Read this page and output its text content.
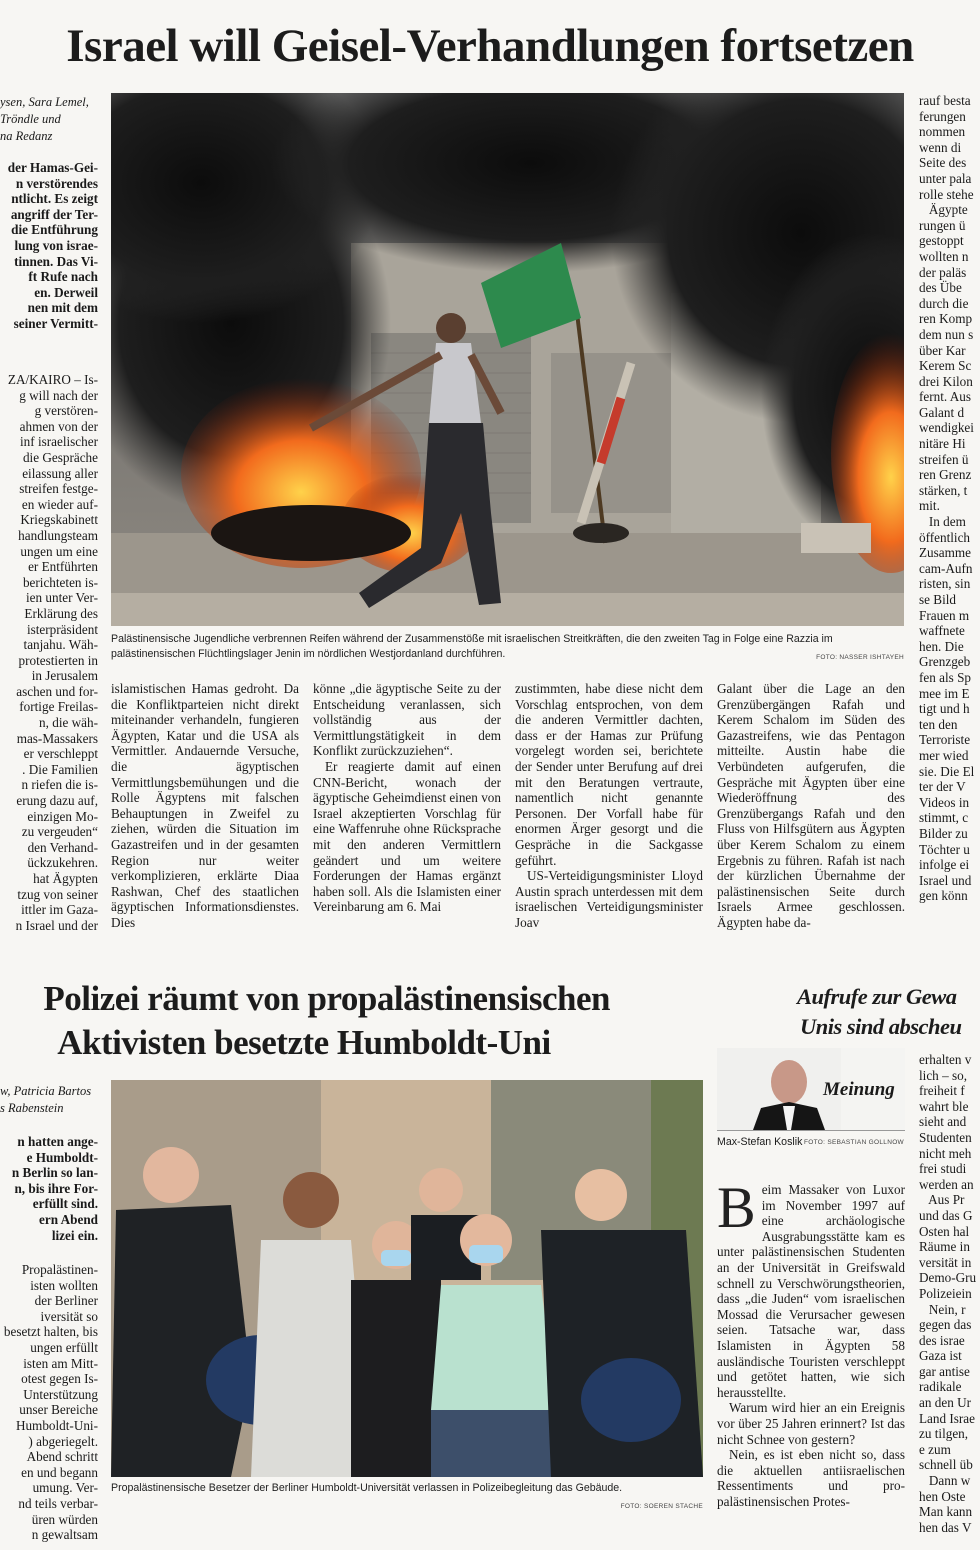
Israel will Geisel-Verhandlungen fortsetzen
ysen, Sara Lemel,
Tröndle und
na Redanz
der Hamas-Gei-
n verstörendes
ntlicht. Es zeigt
angriff der Ter-
die Entführung
lung von israe-
tinnen. Das Vi-
ft Rufe nach
en. Derweil
nen mit dem
seiner Vermitt-
ZA/KAIRO – Is-
g will nach der
g verstören-
ahmen von der
inf israelischer
die Gespräche
eilassung aller
streifen festge-
en wieder auf-
Kriegskabinett
handlungsteam
ungen um eine
er Entführten
berichteten is-
ien unter Ver-
Erklärung des
isterpräsident
tanjahu. Wäh-
protestierten in
in Jerusalem
aschen und for-
fortige Freilas-
n, die wäh-
mas-Massakers
er verschleppt
. Die Familien
n riefen die is-
erung dazu auf,
einzigen Mo-
zu vergeuden“
den Verhand-
ückzukehren.
hat Ägypten
tzug von seiner
ittler im Gaza-
n Israel und der
Palästinensische Jugendliche verbrennen Reifen während der Zusammenstöße mit israelischen Streitkräften, die den zweiten Tag in Folge eine Razzia im palästinensischen Flüchtlingslager Jenin im nördlichen Westjordanland durchführen.	FOTO: NASSER ISHTAYEH
islamistischen Hamas gedroht. Da die Konfliktparteien nicht direkt miteinander verhandeln, fungieren Ägypten, Katar und die USA als Vermittler. Andauernde Versuche, die ägyptischen Vermittlungsbemühungen und die Rolle Ägyptens mit falschen Behauptungen in Zweifel zu ziehen, würden die Situation im Gazastreifen und in der gesamten Region nur weiter verkomplizieren, erklärte Diaa Rashwan, Chef des staatlichen ägyptischen Informationsdienstes. Dies

könne „die ägyptische Seite zu der Entscheidung veranlassen, sich vollständig aus der Vermittlungstätigkeit in dem Konflikt zurückzuziehen“.

Er reagierte damit auf einen CNN-Bericht, wonach der ägyptische Geheimdienst einen von Israel akzeptierten Vorschlag für eine Waffenruhe ohne Rücksprache mit den anderen Vermittlern geändert und um weitere Forderungen der Hamas ergänzt haben soll. Als die Islamisten einer Vereinbarung am 6. Mai

zustimmten, habe diese nicht dem Vorschlag entsprochen, von dem die anderen Vermittler dachten, dass er der Hamas zur Prüfung vorgelegt worden sei, berichtete der Sender unter Berufung auf drei mit den Beratungen vertraute, namentlich nicht genannte Personen. Der Vorfall habe für enormen Ärger gesorgt und die Gespräche in die Sackgasse geführt.

US-Verteidigungsminister Lloyd Austin sprach unterdessen mit dem israelischen Verteidigungsminister Joav

Galant über die Lage an den Grenzübergängen Rafah und Kerem Schalom im Süden des Gazastreifens, wie das Pentagon mitteilte. Austin habe die Verbündeten aufgerufen, die Gespräche mit Ägypten über eine Wiederöffnung des Grenzübergangs Rafah und den Fluss von Hilfsgütern aus Ägypten über Kerem Schalom zu einem Ergebnis zu führen. Rafah ist nach der kürzlichen Übernahme der palästinensischen Seite durch Israels Armee geschlossen. Ägypten habe da-
rauf besta
ferungen
nommen
wenn di
Seite des
unter pala
rolle stehe
Ägypte
rungen ü
gestoppt
wollten n
der paläs
des Übe
durch die
ren Komp
dem nun s
über Kar
Kerem Sc
drei Kilon
fernt. Aus
Galant d
wendigkei
nitäre Hi
streifen ü
ren Grenz
stärken, t
mit.
In dem
öffentlich
Zusamme
cam-Aufn
risten, sin
se Bild
Frauen m
waffnete
hen. Die
Grenzgeb
fen als Sp
mee im E
tigt und h
ten den
Terroriste
mer wied
sie. Die El
ter der V
Videos in
stimmt, c
Bilder zu
Töchter u
infolge ei
Israel und
gen könn
Polizei räumt von propalästinensischen
Aktivisten besetzte Humboldt-Uni
w, Patricia Bartos
s Rabenstein
n hatten ange-
e Humboldt-
n Berlin so lan-
n, bis ihre For-
erfüllt sind.
ern Abend
lizei ein.
Propalästinen-
isten wollten
der Berliner
iversität so
besetzt halten, bis
ungen erfüllt
isten am Mitt-
otest gegen Is-
Unterstützung
unser Bereiche
Humboldt-Uni-
) abgeriegelt.
Abend schritt
en und begann
umung. Ver-
nd teils verbar-
üren würden
n gewaltsam
Propalästinensische Besetzer der Berliner Humboldt-Universität verlassen in Polizeibegleitung das Gebäude.
FOTO: SOEREN STACHE
Aufrufe zur Gewa
Unis sind abscheu
Meinung
Max-Stefan Koslik FOTO: SEBASTIAN GOLLNOW

Beim Massaker von Luxor im November 1997 auf eine archäologische Ausgrabungsstätte kam es unter palästinensischen Studenten an der Universität in Greifswald schnell zu Verschwörungstheorien, dass „die Juden“ vom israelischen Mossad die Verursacher gewesen seien. Tatsache war, dass Islamisten in Ägypten 58 ausländische Touristen verschleppt und getötet hatten, wie sich herausstellte.

Warum wird hier an ein Ereignis vor über 25 Jahren erinnert? Ist das nicht Schnee von gestern?

Nein, es ist eben nicht so, dass die aktuellen antiisraelischen Ressentiments und pro-palästinensischen Protes-

erhalten v
lich – so,
freiheit f
wahrt ble
sieht and
Studenten
nicht meh
frei studi
werden an
Aus Pr
und das G
Osten hal
Räume in
versität in
Demo-Gru
Polizeiein
Nein, r
gegen das
des israe
Gaza ist
gar antise
radikale
an den Ur
Land Israe
zu tilgen,
e zum
schnell üb
Dann w
hen Oste
Man kann
hen das V
